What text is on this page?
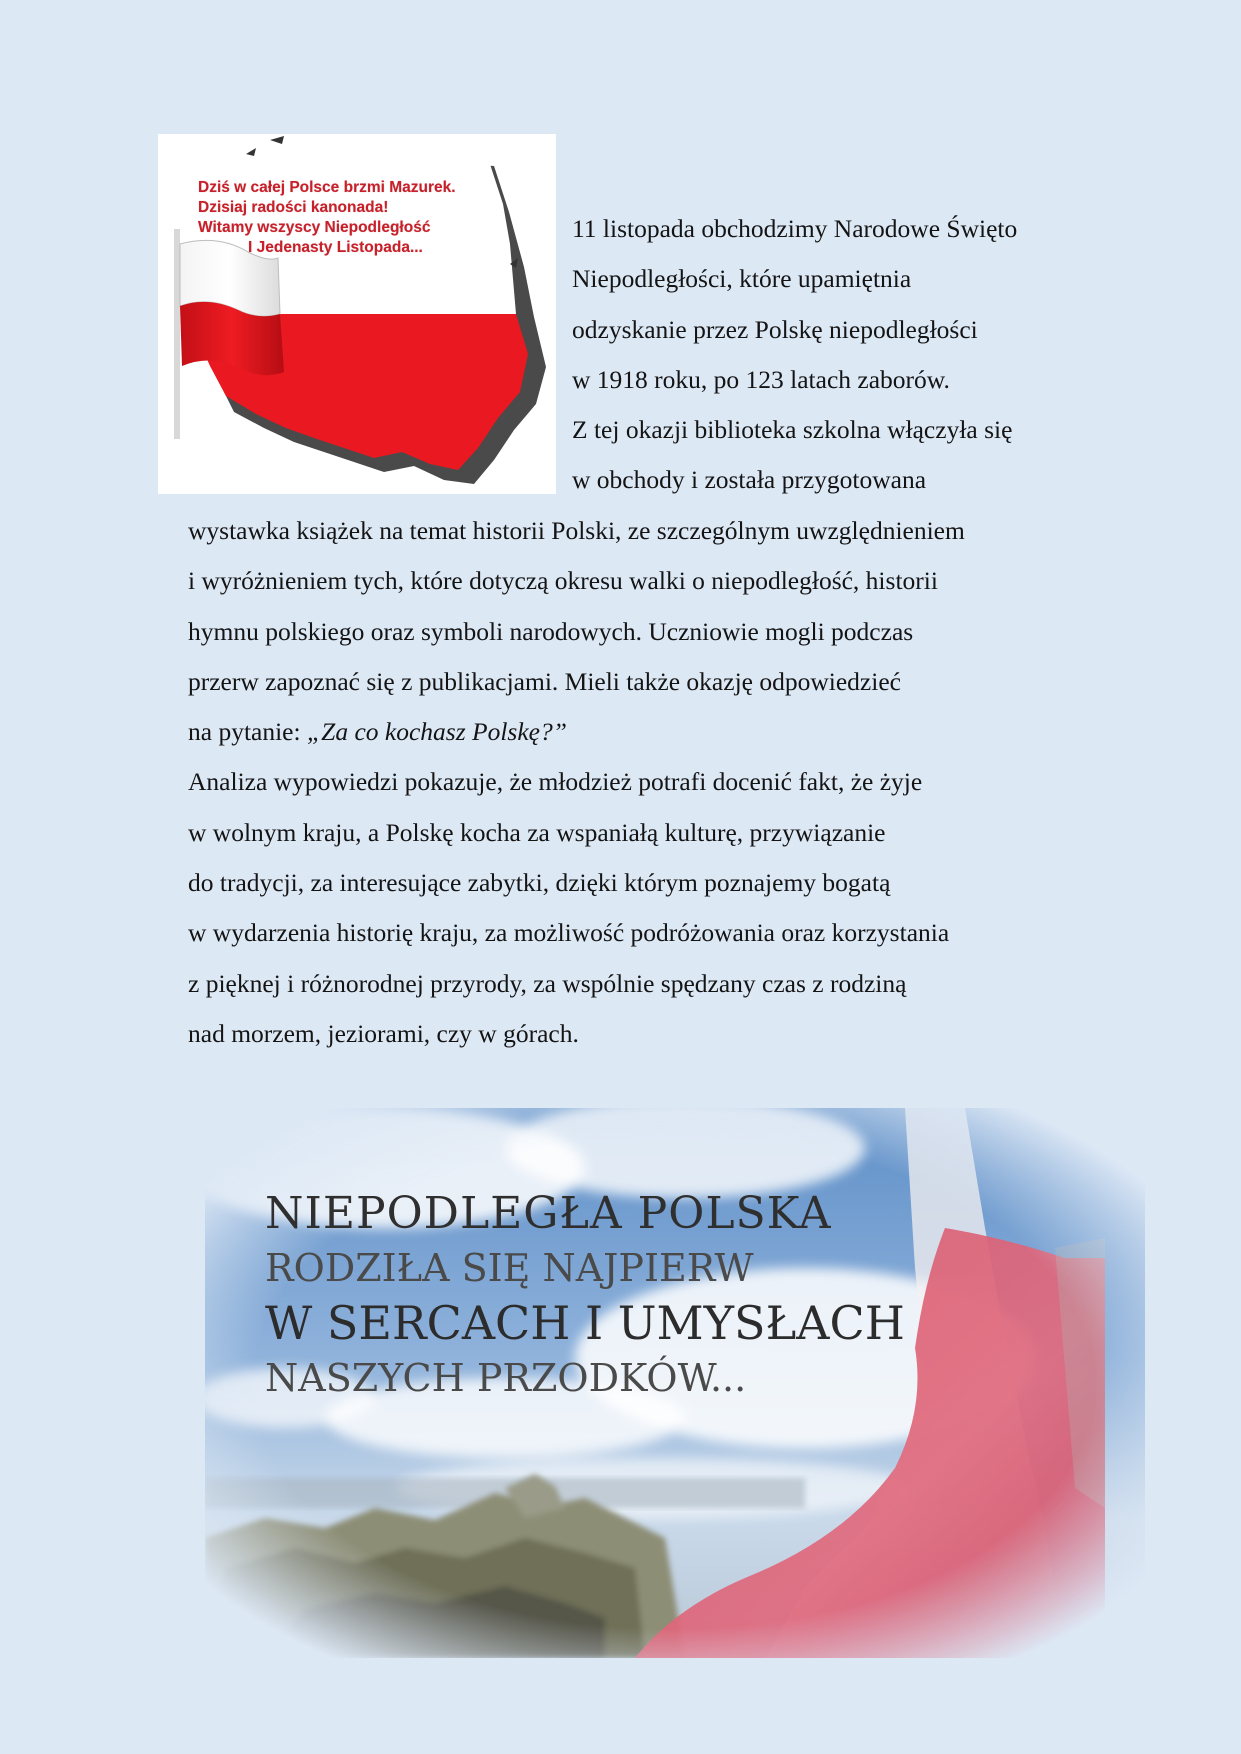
Dziś w całej Polsce brzmi Mazurek.
Dzisiaj radości kanonada!
Witamy wszyscy Niepodległość
I Jedenasty Listopada...
11 listopada obchodzimy Narodowe Święto
Niepodległości, które upamiętnia
odzyskanie przez Polskę niepodległości
w 1918 roku, po 123 latach zaborów.
Z tej okazji biblioteka szkolna włączyła się
w obchody i została przygotowana
wystawka książek na temat historii Polski, ze szczególnym uwzględnieniem
i wyróżnieniem tych, które dotyczą okresu walki o niepodległość, historii
hymnu polskiego oraz symboli narodowych. Uczniowie mogli podczas
przerw zapoznać się z publikacjami. Mieli także okazję odpowiedzieć
na pytanie: „Za co kochasz Polskę?”
Analiza wypowiedzi pokazuje, że młodzież potrafi docenić fakt, że żyje
w wolnym kraju, a Polskę kocha za wspaniałą kulturę, przywiązanie
do tradycji, za interesujące zabytki, dzięki którym poznajemy bogatą
w wydarzenia historię kraju, za możliwość podróżowania oraz korzystania
z pięknej i różnorodnej przyrody, za wspólnie spędzany czas z rodziną
nad morzem, jeziorami, czy w górach.
NIEPODLEGŁA POLSKA
RODZIŁA SIĘ NAJPIERW
W SERCACH I UMYSŁACH
NASZYCH PRZODKÓW...
